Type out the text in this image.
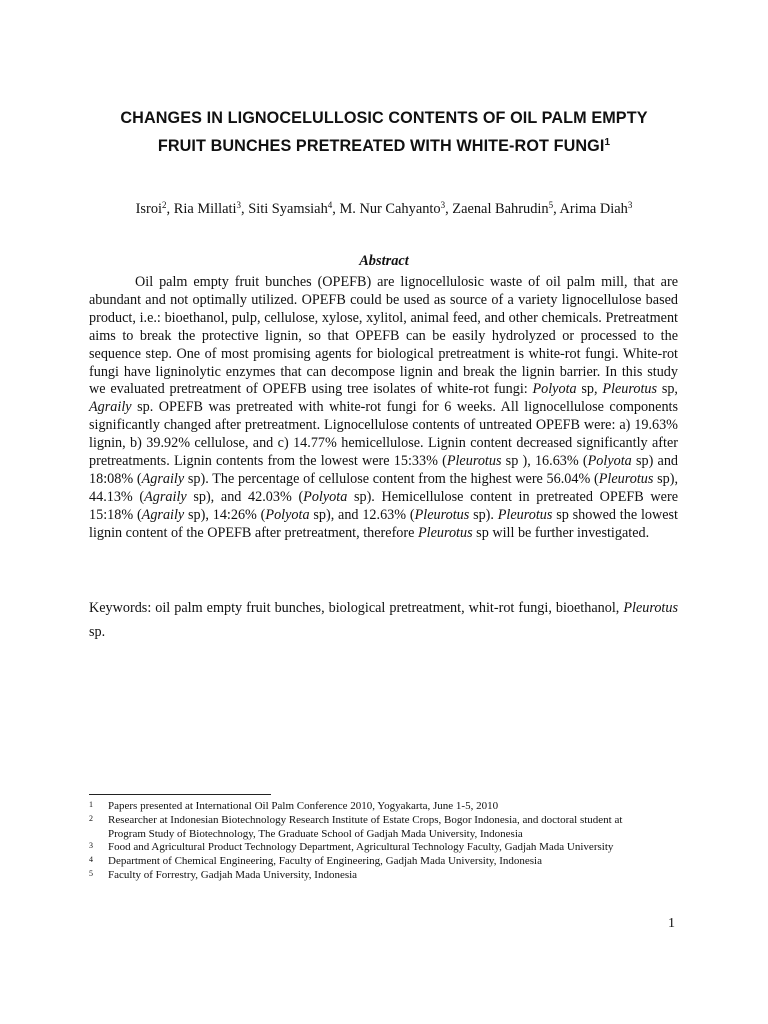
CHANGES IN LIGNOCELULLOSIC CONTENTS OF OIL PALM EMPTY
FRUIT BUNCHES PRETREATED WITH WHITE-ROT FUNGI$^1$
Isroi$^2$, Ria Millati$^3$, Siti Syamsiah$^4$, M. Nur Cahyanto$^3$, Zaenal Bahrudin$^5$, Arima Diah$^3$
Abstract

Oil palm empty fruit bunches (OPEFB) are lignocellulosic waste of oil palm mill, that are abundant and not optimally utilized. OPEFB could be used as source of a variety lignocellulose based product, i.e.: bioethanol, pulp, cellulose, xylose, xylitol, animal feed, and other chemicals. Pretreatment aims to break the protective lignin, so that OPEFB can be easily hydrolyzed or processed to the sequence step. One of most promising agents for biological pretreatment is white-rot fungi. White-rot fungi have ligninolytic enzymes that can decompose lignin and break the lignin barrier. In this study we evaluated pretreatment of OPEFB using tree isolates of white-rot fungi: Polyota sp, Pleurotus sp, Agraily sp. OPEFB was pretreated with white-rot fungi for 6 weeks. All lignocellulose components significantly changed after pretreatment. Lignocellulose contents of untreated OPEFB were: a) 19.63% lignin, b) 39.92% cellulose, and c) 14.77% hemicellulose. Lignin content decreased significantly after pretreatments. Lignin contents from the lowest were 15:33% (Pleurotus sp ), 16.63% (Polyota sp) and 18:08% (Agraily sp). The percentage of cellulose content from the highest were 56.04% (Pleurotus sp), 44.13% (Agraily sp), and 42.03% (Polyota sp). Hemicellulose content in pretreated OPEFB were 15:18% (Agraily sp), 14:26% (Polyota sp), and 12.63% (Pleurotus sp). Pleurotus sp showed the lowest lignin content of the OPEFB after pretreatment, therefore Pleurotus sp will be further investigated.

Keywords: oil palm empty fruit bunches, biological pretreatment, whit-rot fungi, bioethanol, Pleurotus sp.

1	Papers presented at International Oil Palm Conference 2010, Yogyakarta, June 1-5, 2010
2	Researcher at Indonesian Biotechnology Research Institute of Estate Crops, Bogor Indonesia, and doctoral student at Program Study of Biotechnology, The Graduate School of Gadjah Mada University, Indonesia
3	Food and Agricultural Product Technology Department, Agricultural Technology Faculty, Gadjah Mada University
4	Department of Chemical Engineering, Faculty of Engineering, Gadjah Mada University, Indonesia
5	Faculty of Forrestry, Gadjah Mada University, Indonesia
1
